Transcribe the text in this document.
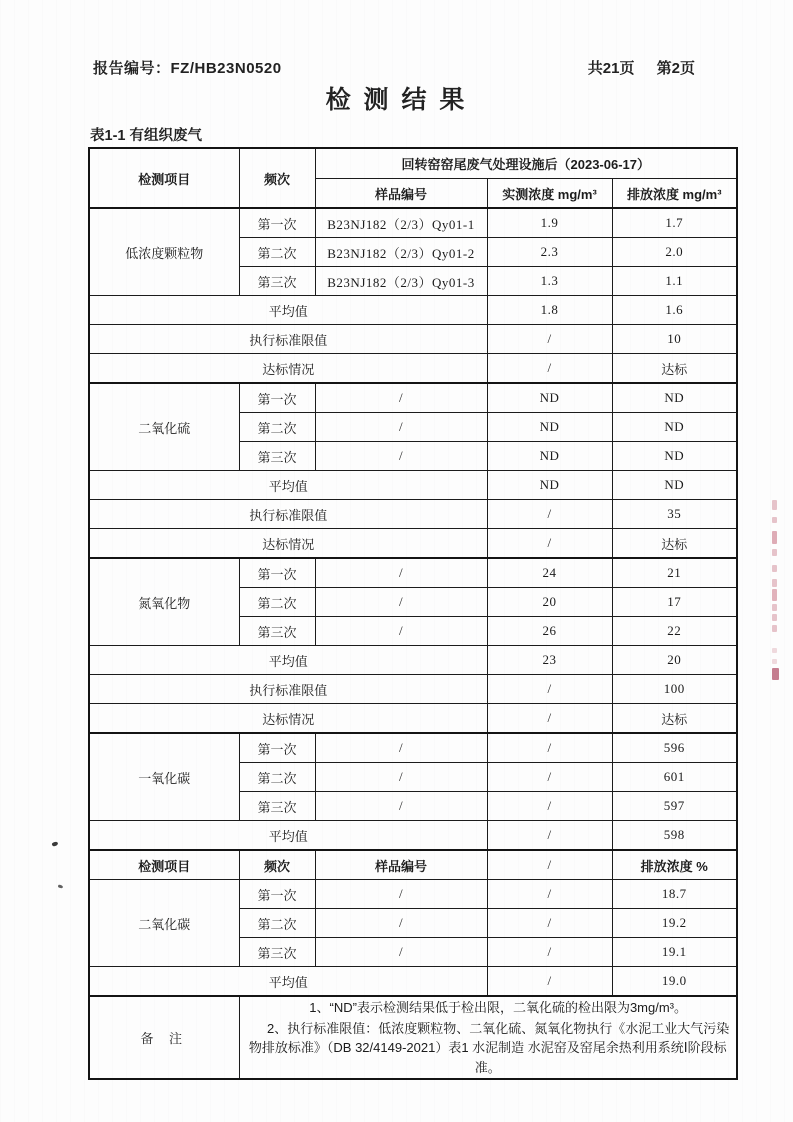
报告编号：FZ/HB23N0520	共21页 第2页
检 测 结 果
表1-1 有组织废气
检测项目	频次	回转窑窑尾废气处理设施后（2023-06-17）		
		样品编号	实测浓度 mg/m³	排放浓度 mg/m³
低浓度颗粒物	第一次	B23NJ182（2/3）Qy01-1	1.9	1.7
	第二次	B23NJ182（2/3）Qy01-2	2.3	2.0
	第三次	B23NJ182（2/3）Qy01-3	1.3	1.1
平均值			1.8	1.6
执行标准限值			/	10
达标情况			/	达标
二氧化硫	第一次	/	ND	ND
	第二次	/	ND	ND
	第三次	/	ND	ND
平均值			ND	ND
执行标准限值			/	35
达标情况			/	达标
氮氧化物	第一次	/	24	21
	第二次	/	20	17
	第三次	/	26	22
平均值			23	20
执行标准限值			/	100
达标情况			/	达标
一氧化碳	第一次	/	/	596
	第二次	/	/	601
	第三次	/	/	597
平均值			/	598
检测项目	频次	样品编号	/	排放浓度 %
二氧化碳	第一次	/	/	18.7
	第二次	/	/	19.2
	第三次	/	/	19.1
平均值			/	19.0
备 注	1、“ND”表示检测结果低于检出限，二氧化硫的检出限为3mg/m³。

2、执行标准限值：低浓度颗粒物、二氧化硫、氮氧化物执行《水泥工业大气污染物排放标准》（DB 32/4149-2021）表1 水泥制造 水泥窑及窑尾余热利用系统Ⅰ阶段标准。			
